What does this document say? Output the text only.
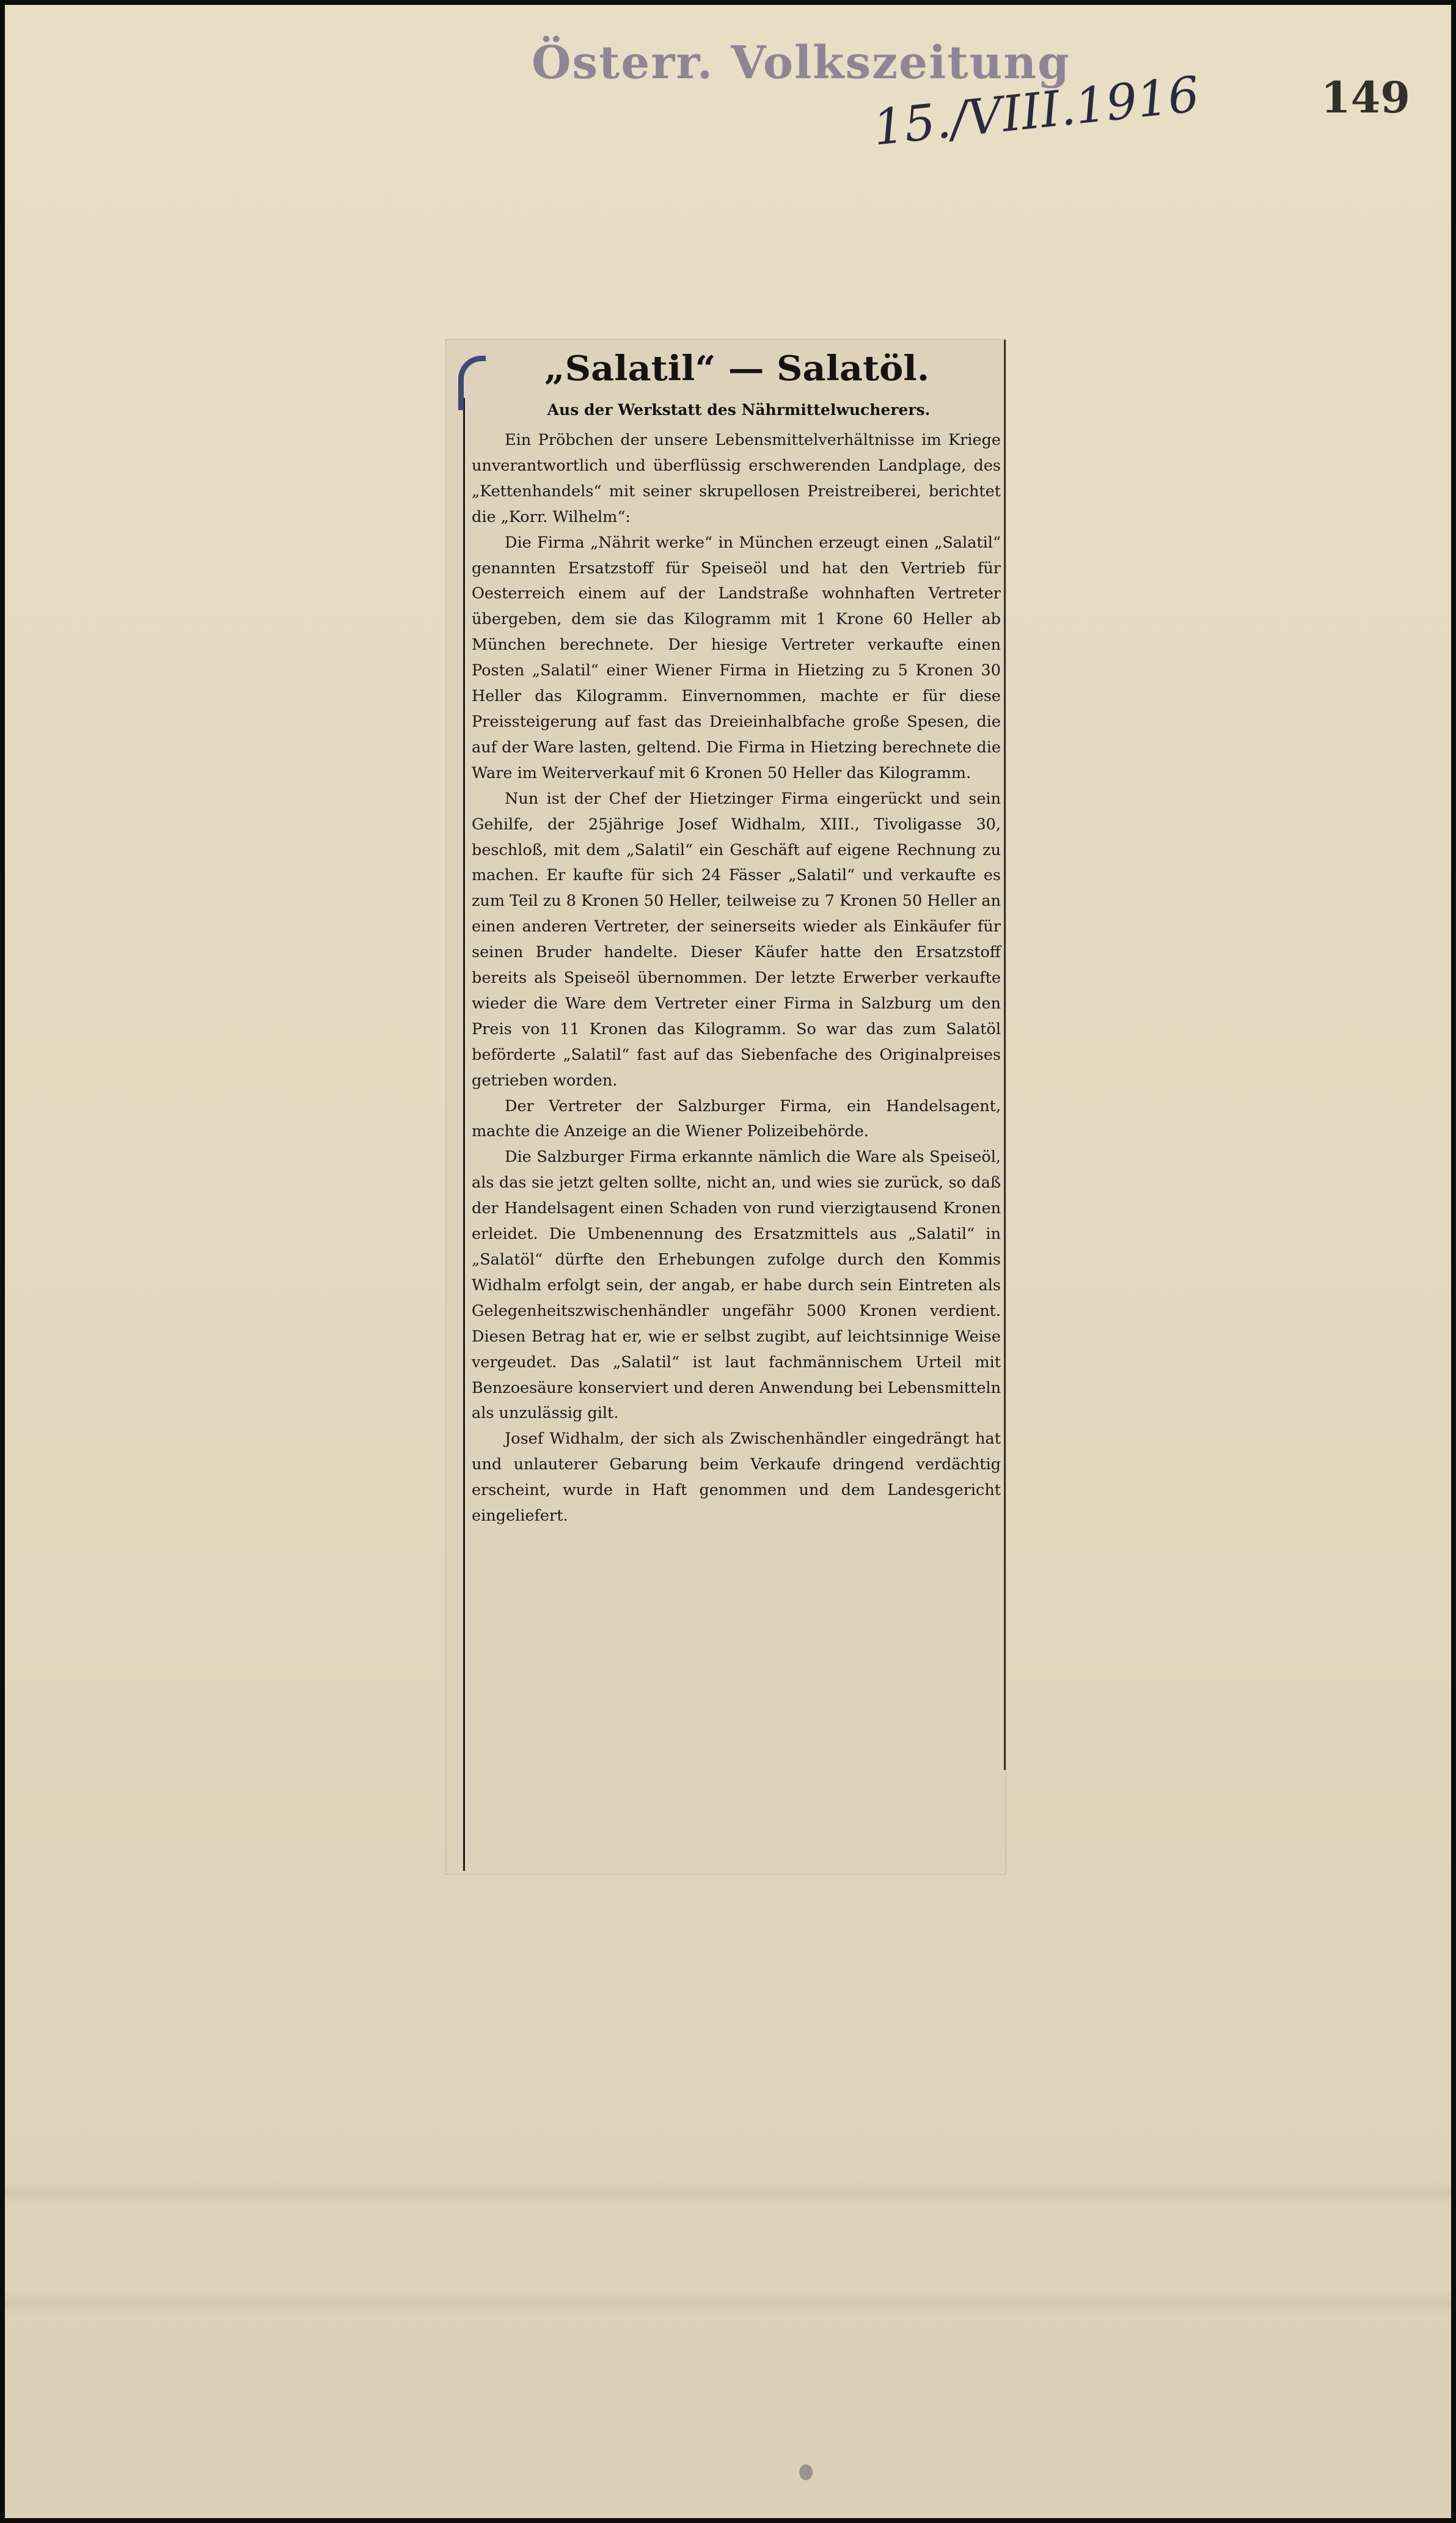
Österr. Volkszeitung
15./VIII.1916	149
„Salatil“ — Salatöl.
Aus der Werkstatt des Nährmittelwucherers.

Ein Pröbchen der unsere Lebensmittelverhältnisse im Kriege unverantwortlich und überflüssig erschwerenden Landplage, des „Kettenhandels“ mit seiner skrupellosen Preistreiberei, berichtet die „Korr. Wilhelm“:

Die Firma „Nährit werke“ in München erzeugt einen „Salatil“ genannten Ersatzstoff für Speiseöl und hat den Vertrieb für Oesterreich einem auf der Landstraße wohnhaften Vertreter übergeben, dem sie das Kilogramm mit 1 Krone 60 Heller ab München berechnete. Der hiesige Vertreter verkaufte einen Posten „Salatil“ einer Wiener Firma in Hietzing zu 5 Kronen 30 Heller das Kilogramm. Einvernommen, machte er für diese Preissteigerung auf fast das Dreieinhalbfache große Spesen, die auf der Ware lasten, geltend. Die Firma in Hietzing berechnete die Ware im Weiterverkauf mit 6 Kronen 50 Heller das Kilogramm.

Nun ist der Chef der Hietzinger Firma eingerückt und sein Gehilfe, der 25jährige Josef Widhalm, XIII., Tivoligasse 30, beschloß, mit dem „Salatil“ ein Geschäft auf eigene Rechnung zu machen. Er kaufte für sich 24 Fässer „Salatil“ und verkaufte es zum Teil zu 8 Kronen 50 Heller, teilweise zu 7 Kronen 50 Heller an einen anderen Vertreter, der seinerseits wieder als Einkäufer für seinen Bruder handelte. Dieser Käufer hatte den Ersatzstoff bereits als Speiseöl übernommen. Der letzte Erwerber verkaufte wieder die Ware dem Vertreter einer Firma in Salzburg um den Preis von 11 Kronen das Kilogramm. So war das zum Salatöl beförderte „Salatil“ fast auf das Siebenfache des Originalpreises getrieben worden.

Der Vertreter der Salzburger Firma, ein Handelsagent, machte die Anzeige an die Wiener Polizeibehörde.

Die Salzburger Firma erkannte nämlich die Ware als Speiseöl, als das sie jetzt gelten sollte, nicht an, und wies sie zurück, so daß der Handelsagent einen Schaden von rund vierzigtausend Kronen erleidet. Die Umbenennung des Ersatzmittels aus „Salatil“ in „Salatöl“ dürfte den Erhebungen zufolge durch den Kommis Widhalm erfolgt sein, der angab, er habe durch sein Eintreten als Gelegenheitszwischenhändler ungefähr 5000 Kronen verdient. Diesen Betrag hat er, wie er selbst zugibt, auf leichtsinnige Weise vergeudet. Das „Salatil“ ist laut fachmännischem Urteil mit Benzoesäure konserviert und deren Anwendung bei Lebensmitteln als unzulässig gilt.

Josef Widhalm, der sich als Zwischenhändler eingedrängt hat und unlauterer Gebarung beim Verkaufe dringend verdächtig erscheint, wurde in Haft genommen und dem Landesgericht eingeliefert.
